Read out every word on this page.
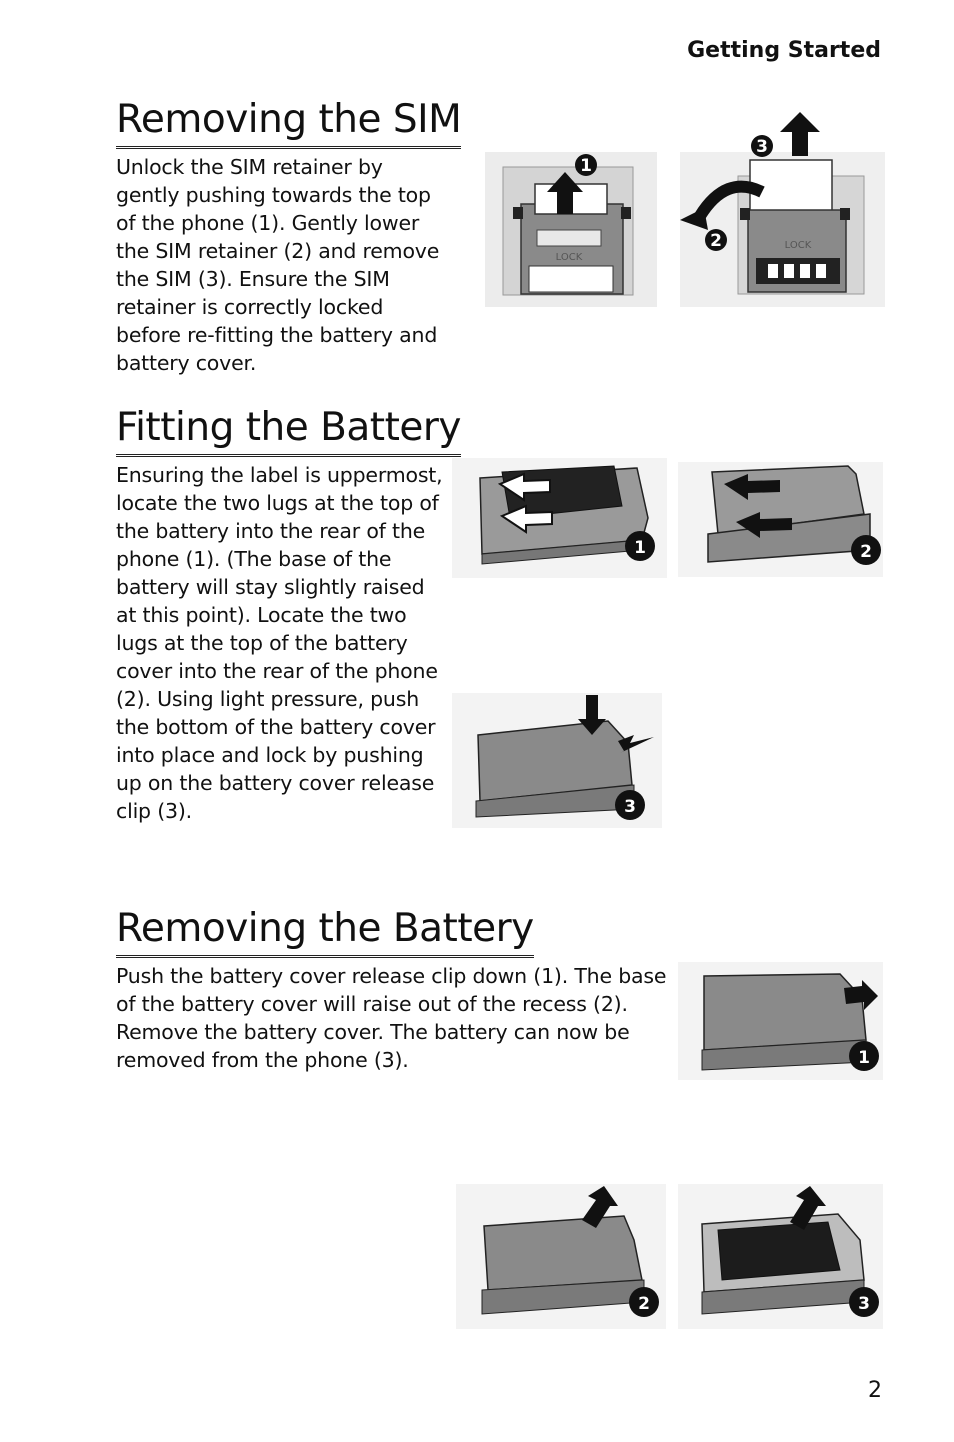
Getting Started
Removing the SIM

Unlock the SIM retainer by gently pushing towards the top of the phone (1). Gently lower the SIM retainer (2) and remove the SIM (3). Ensure the SIM retainer is correctly locked before re-fitting the battery and battery cover.

LOCK
1
LOCK
3
2
Fitting the Battery

Ensuring the label is uppermost, locate the two lugs at the top of the battery into the rear of the phone (1). (The base of the battery will stay slightly raised at this point). Locate the two lugs at the top of the battery cover into the rear of the phone (2). Using light pressure, push the bottom of the battery cover into place and lock by pushing up on the battery cover release clip (3).

1	2
3
Removing the Battery

Push the battery cover release clip down (1). The base of the battery cover will raise out of the recess (2). Remove the battery cover. The battery can now be removed from the phone (3).	1
2	3
2
